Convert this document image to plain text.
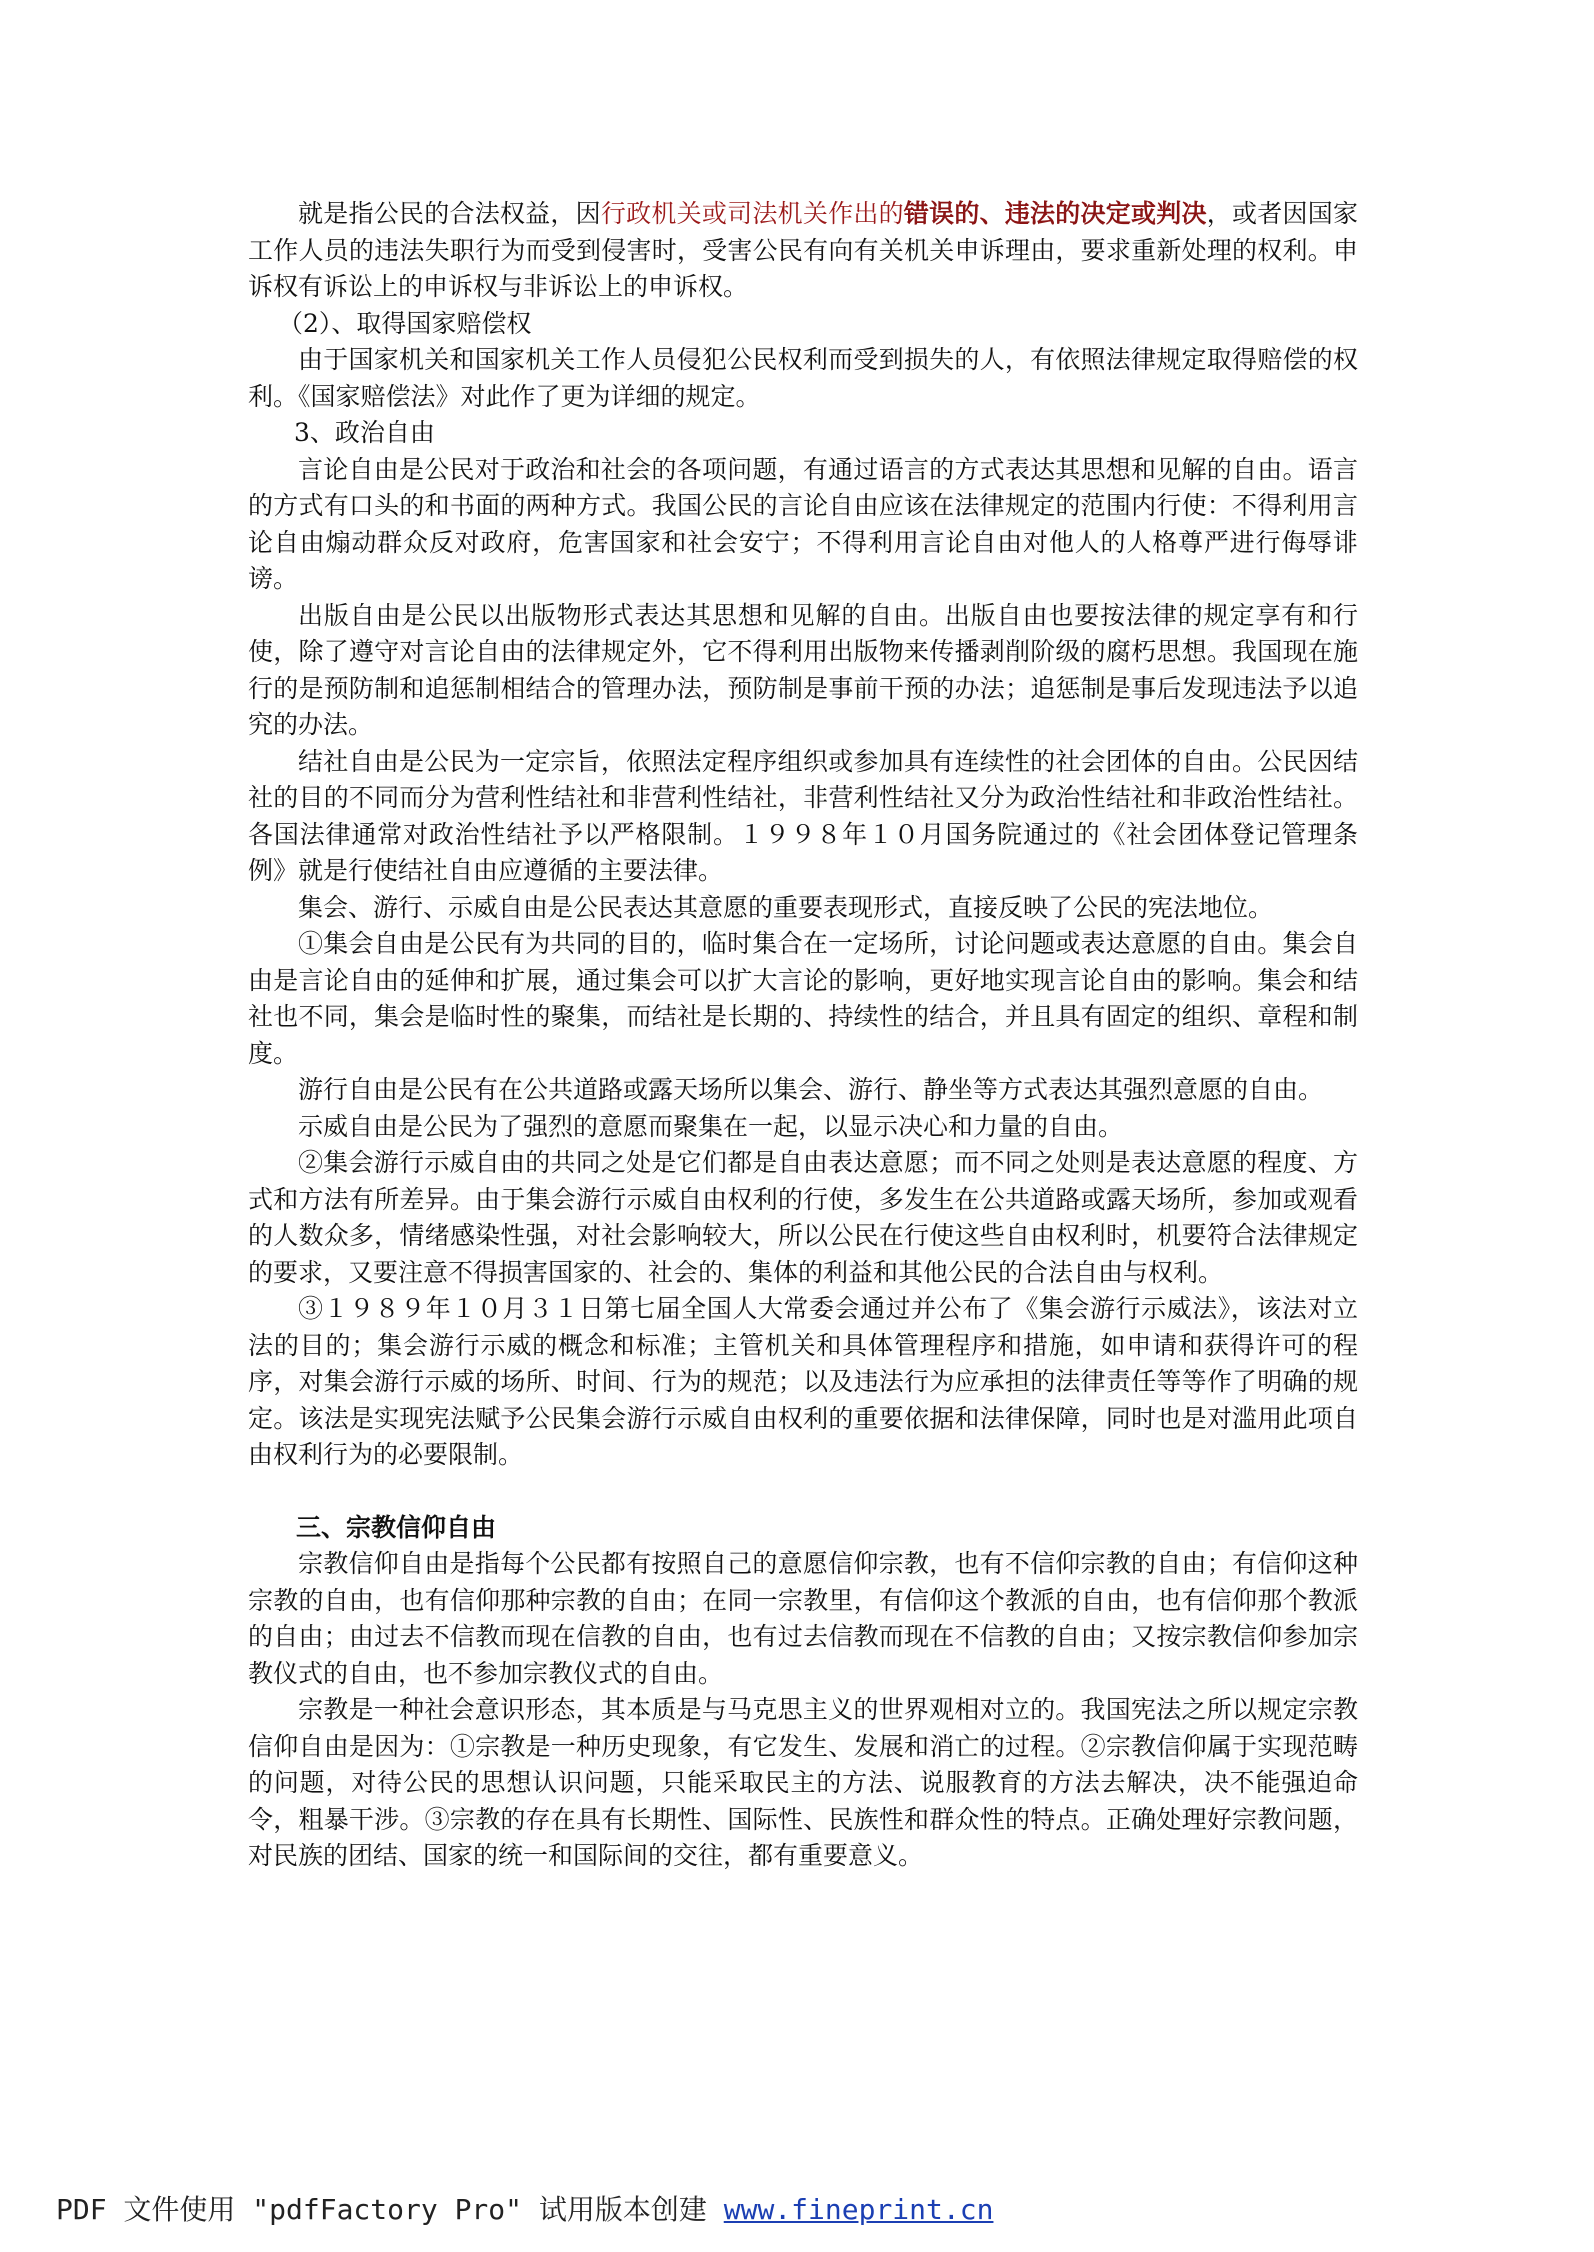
就是指公民的合法权益，因行政机关或司法机关作出的错误的、违法的决定或判决，或者因国家工作人员的违法失职行为而受到侵害时，受害公民有向有关机关申诉理由，要求重新处理的权利。申诉权有诉讼上的申诉权与非诉讼上的申诉权。

（2）、取得国家赔偿权

由于国家机关和国家机关工作人员侵犯公民权利而受到损失的人，有依照法律规定取得赔偿的权利。《国家赔偿法》对此作了更为详细的规定。

3、政治自由

言论自由是公民对于政治和社会的各项问题，有通过语言的方式表达其思想和见解的自由。语言的方式有口头的和书面的两种方式。我国公民的言论自由应该在法律规定的范围内行使：不得利用言论自由煽动群众反对政府，危害国家和社会安宁；不得利用言论自由对他人的人格尊严进行侮辱诽谤。

出版自由是公民以出版物形式表达其思想和见解的自由。出版自由也要按法律的规定享有和行使，除了遵守对言论自由的法律规定外，它不得利用出版物来传播剥削阶级的腐朽思想。我国现在施行的是预防制和追惩制相结合的管理办法，预防制是事前干预的办法；追惩制是事后发现违法予以追究的办法。

结社自由是公民为一定宗旨，依照法定程序组织或参加具有连续性的社会团体的自由。公民因结社的目的不同而分为营利性结社和非营利性结社，非营利性结社又分为政治性结社和非政治性结社。各国法律通常对政治性结社予以严格限制。１９９８年１０月国务院通过的《社会团体登记管理条例》就是行使结社自由应遵循的主要法律。

集会、游行、示威自由是公民表达其意愿的重要表现形式，直接反映了公民的宪法地位。

①集会自由是公民有为共同的目的，临时集合在一定场所，讨论问题或表达意愿的自由。集会自由是言论自由的延伸和扩展，通过集会可以扩大言论的影响，更好地实现言论自由的影响。集会和结社也不同，集会是临时性的聚集，而结社是长期的、持续性的结合，并且具有固定的组织、章程和制度。

游行自由是公民有在公共道路或露天场所以集会、游行、静坐等方式表达其强烈意愿的自由。

示威自由是公民为了强烈的意愿而聚集在一起，以显示决心和力量的自由。

②集会游行示威自由的共同之处是它们都是自由表达意愿；而不同之处则是表达意愿的程度、方式和方法有所差异。由于集会游行示威自由权利的行使，多发生在公共道路或露天场所，参加或观看的人数众多，情绪感染性强，对社会影响较大，所以公民在行使这些自由权利时，机要符合法律规定的要求，又要注意不得损害国家的、社会的、集体的利益和其他公民的合法自由与权利。

③１９８９年１０月３１日第七届全国人大常委会通过并公布了《集会游行示威法》，该法对立法的目的；集会游行示威的概念和标准；主管机关和具体管理程序和措施，如申请和获得许可的程序，对集会游行示威的场所、时间、行为的规范；以及违法行为应承担的法律责任等等作了明确的规定。该法是实现宪法赋予公民集会游行示威自由权利的重要依据和法律保障，同时也是对滥用此项自由权利行为的必要限制。

三、宗教信仰自由

宗教信仰自由是指每个公民都有按照自己的意愿信仰宗教，也有不信仰宗教的自由；有信仰这种宗教的自由，也有信仰那种宗教的自由；在同一宗教里，有信仰这个教派的自由，也有信仰那个教派的自由；由过去不信教而现在信教的自由，也有过去信教而现在不信教的自由；又按宗教信仰参加宗教仪式的自由，也不参加宗教仪式的自由。

宗教是一种社会意识形态，其本质是与马克思主义的世界观相对立的。我国宪法之所以规定宗教信仰自由是因为：①宗教是一种历史现象，有它发生、发展和消亡的过程。②宗教信仰属于实现范畴的问题，对待公民的思想认识问题，只能采取民主的方法、说服教育的方法去解决，决不能强迫命令，粗暴干涉。③宗教的存在具有长期性、国际性、民族性和群众性的特点。正确处理好宗教问题，对民族的团结、国家的统一和国际间的交往，都有重要意义。

PDF 文件使用 "pdfFactory Pro" 试用版本创建 www.fineprint.cn
